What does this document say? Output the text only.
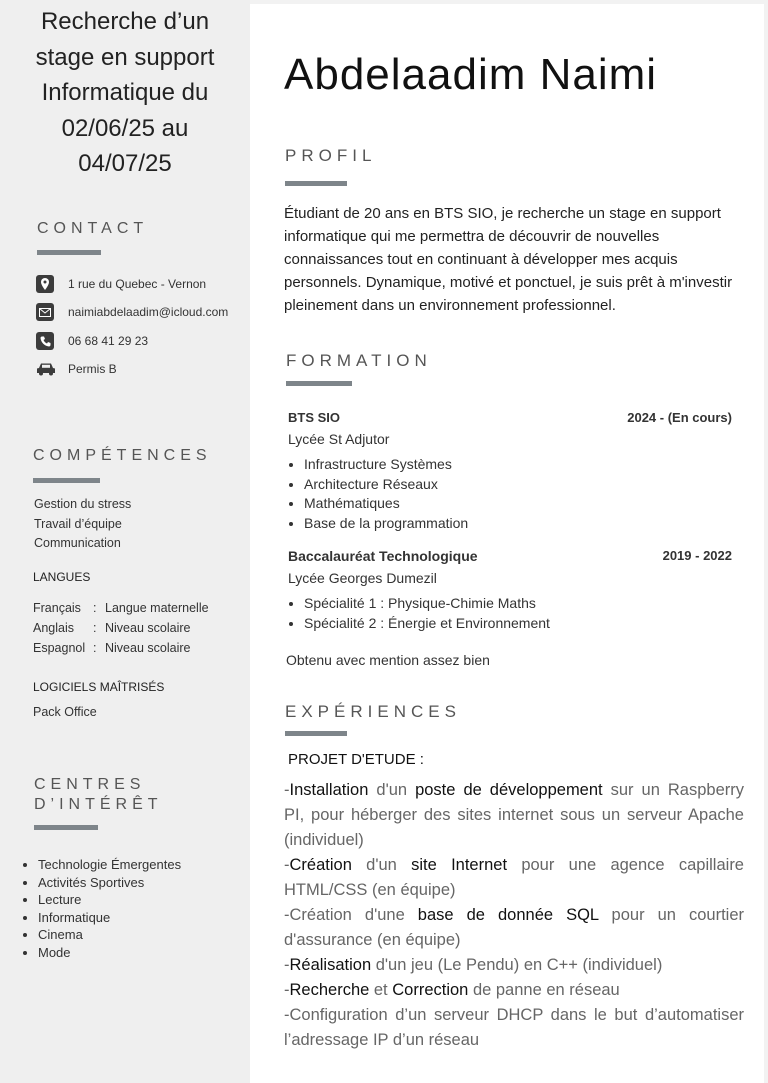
Recherche d’un stage en support Informatique du 02/06/25 au 04/07/25
CONTACT
1 rue du Quebec - Vernon
naimiabdelaadim@icloud.com
06 68 41 29 23
Permis B
COMPÉTENCES
Gestion du stress
Travail d’équipe
Communication
LANGUES
Français : Langue maternelle
Anglais	: Niveau scolaire
Espagnol : Niveau scolaire
LOGICIELS MAÎTRISÉS
Pack Office
CENTRES
D’INTÉRÊT
• Technologie Émergentes
• Activités Sportives
• Lecture
• Informatique
• Cinema
• Mode
Abdelaadim Naimi
PROFIL
Étudiant de 20 ans en BTS SIO, je recherche un stage en support informatique qui me permettra de découvrir de nouvelles connaissances tout en continuant à développer mes acquis personnels. Dynamique, motivé et ponctuel, je suis prêt à m'investir pleinement dans un environnement professionnel.
FORMATION
BTS SIO	2024 - (En cours)
Lycée St Adjutor
• Infrastructure Systèmes
• Architecture Réseaux
• Mathématiques
• Base de la programmation
Baccalauréat Technologique	2019 - 2022
Lycée Georges Dumezil
• Spécialité 1 : Physique-Chimie Maths
• Spécialité 2 : Énergie et Environnement
Obtenu avec mention assez bien
EXPÉRIENCES
PROJET D'ETUDE :
-Installation d'un poste de développement sur un Raspberry PI, pour héberger des sites internet sous un serveur Apache (individuel)
-Création d'un site Internet pour une agence capillaire HTML/CSS (en équipe)
-Création d'une base de donnée SQL pour un courtier d'assurance (en équipe)
-Réalisation d'un jeu (Le Pendu) en C++ (individuel)
-Recherche et Correction de panne en réseau
-Configuration d’un serveur DHCP dans le but d’automatiser l’adressage IP d’un réseau
